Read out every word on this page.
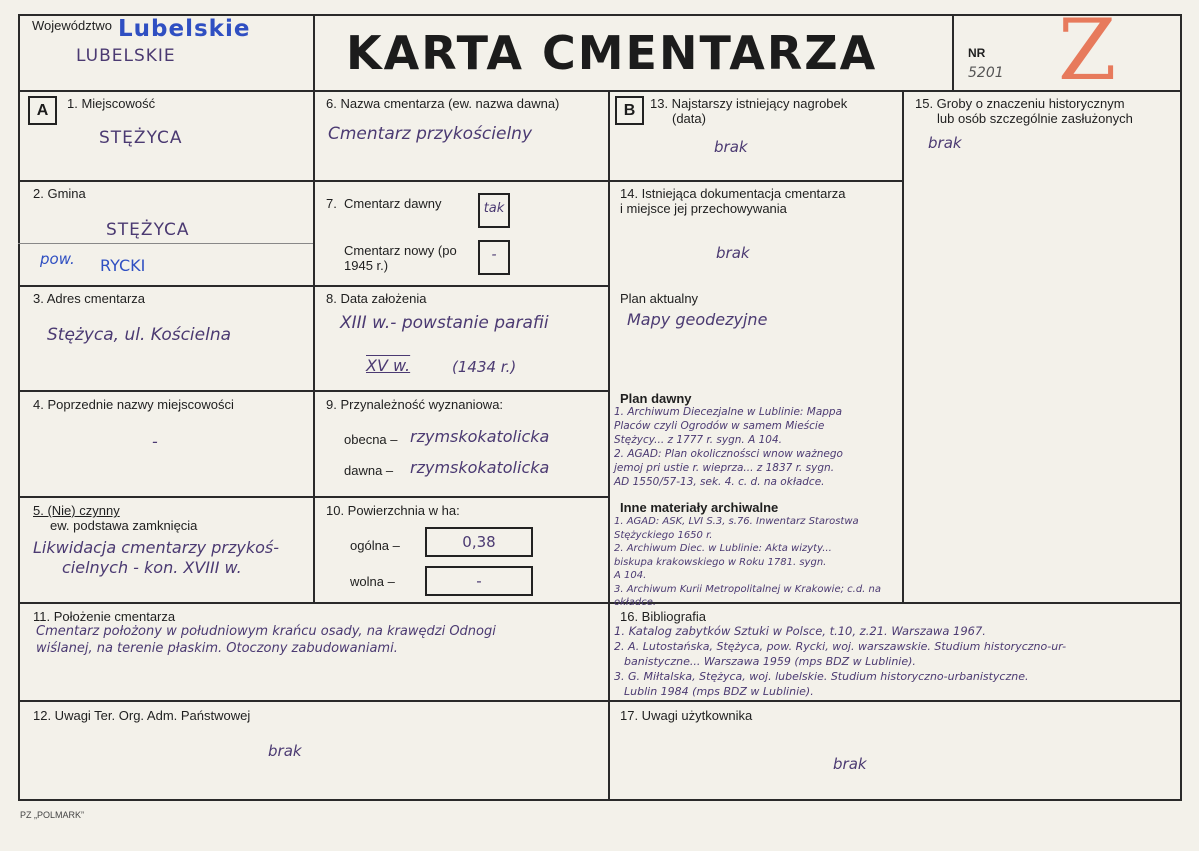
Województwo Lubelskie
LUBELSKIE	KARTA CMENTARZA	NR
5201 Z
A	1. Miejscowość
STĘŻYCA
2. Gmina
STĘŻYCA
pow. RYCKI
3. Adres cmentarza
Stężyca, ul. Kościelna
4. Poprzednie nazwy miejscowości
-
5. (Nie) czynny
ew. podstawa zamknięcia
Likwidacja cmentarzy przykoś-
cielnych - kon. XVIII w.
6. Nazwa cmentarza (ew. nazwa dawna)
Cmentarz przykościelny
7. Cmentarz dawny	tak
Cmentarz nowy (po 1945 r.)
-
8. Data założenia
XIII w.- powstanie parafii
XV w.	(1434 r.)
9. Przynależność wyznaniowa:
obecna – rzymskokatolicka
dawna – rzymskokatolicka
10. Powierzchnia w ha:
ogólna –	0,38
wolna –	-
B	13. Najstarszy istniejący nagrobek
(data)
brak
14. Istniejąca dokumentacja cmentarza
i miejsce jej przechowywania
brak
Plan aktualny
Mapy geodezyjne
Plan dawny
1. Archiwum Diecezjalne w Lublinie: Mappa
Placów czyli Ogrodów w samem Mieście
Stężycy... z 1777 r. sygn. A 104.
2. AGAD: Plan okolicznośsci wnow ważnego
jemoj pri ustie r. wieprza... z 1837 r. sygn.
AD 1550/57-13, sek. 4. c. d. na okładce.
Inne materiały archiwalne
1. AGAD: ASK, LVI S.3, s.76. Inwentarz Starostwa
Stężyckiego 1650 r.
2. Archiwum Diec. w Lublinie: Akta wizyty...
biskupa krakowskiego w Roku 1781. sygn.
A 104.
3. Archiwum Kurii Metropolitalnej w Krakowie; c.d. na okładce.
15. Groby o znaczeniu historycznym
lub osób szczególnie zasłużonych
brak
11. Położenie cmentarza
Cmentarz położony w południowym krańcu osady, na krawędzi Odnogi
wiślanej, na terenie płaskim. Otoczony zabudowaniami.
16. Bibliografia
1. Katalog zabytków Sztuki w Polsce, t.10, z.21. Warszawa 1967.
2. A. Lutostańska, Stężyca, pow. Rycki, woj. warszawskie. Studium historyczno-ur-
banistyczne... Warszawa 1959 (mps BDZ w Lublinie).
3. G. Miłtalska, Stężyca, woj. lubelskie. Studium historyczno-urbanistyczne.
Lublin 1984 (mps BDZ w Lublinie).
12. Uwagi Ter. Org. Adm. Państwowej
brak
17. Uwagi użytkownika
brak
PZ „POLMARK”
